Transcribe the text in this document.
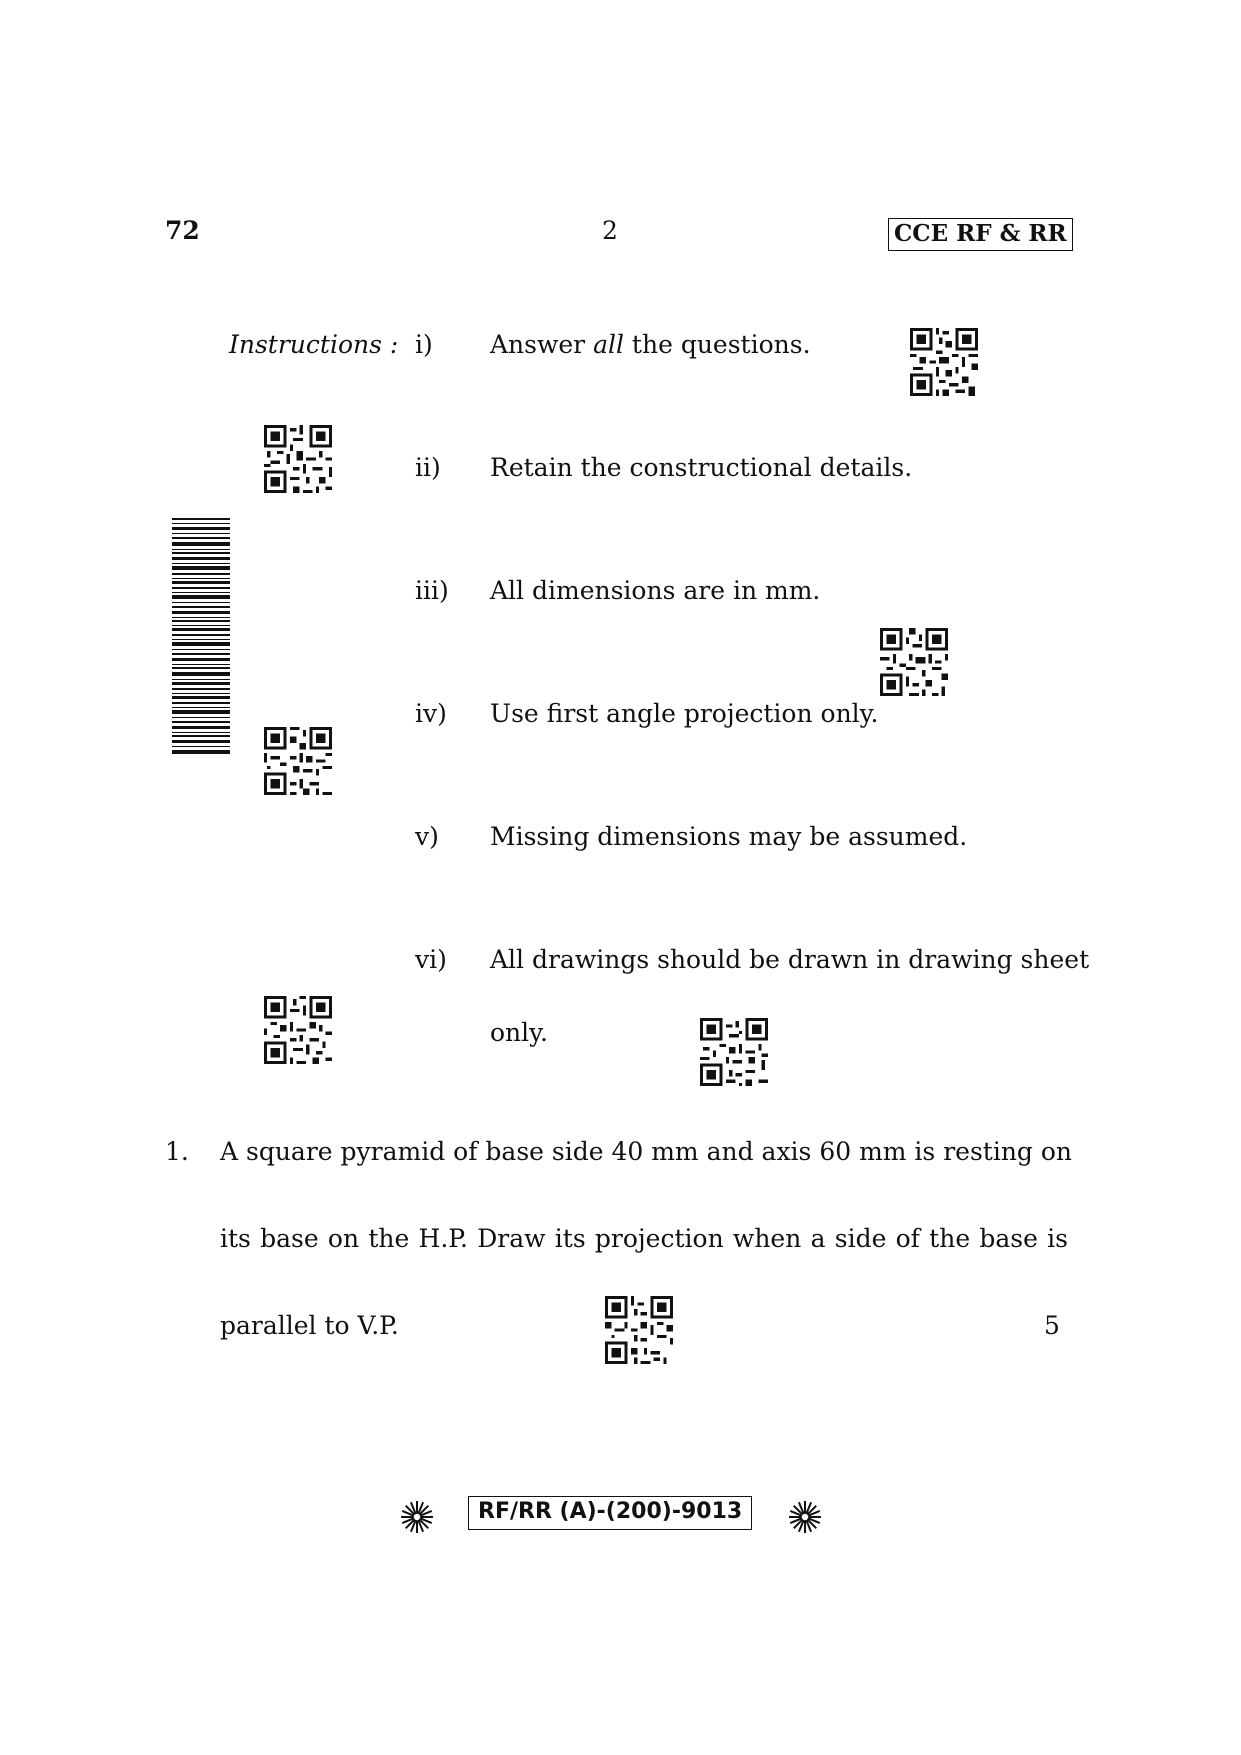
72	2	CCE RF & RR
Instructions : i) Answer all the questions.
ii) Retain the constructional details.
iii) All dimensions are in mm.
iv) Use first angle projection only.
v) Missing dimensions may be assumed.
vi) All drawings should be drawn in drawing sheet
only.
1. A square pyramid of base side 40 mm and axis 60 mm is resting on
its base on the H.P. Draw its projection when a side of the base is
parallel to V.P.	5
RF/RR (A)-(200)-9013
